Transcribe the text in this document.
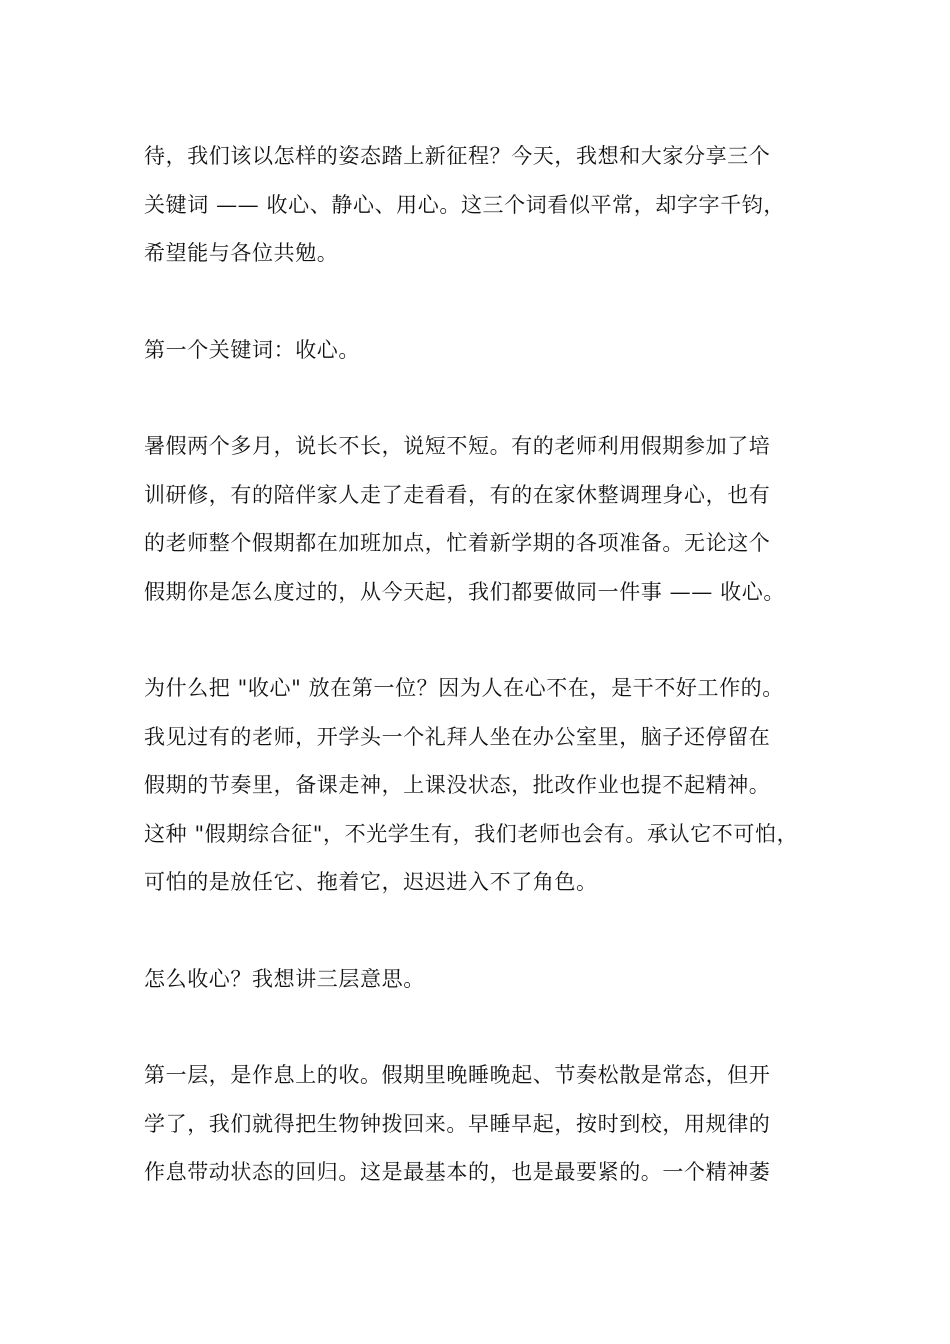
待，我们该以怎样的姿态踏上新征程？今天，我想和大家分享三个
关键词 —— 收心、静心、用心。这三个词看似平常，却字字千钧，
希望能与各位共勉。

第一个关键词：收心。

暑假两个多月，说长不长，说短不短。有的老师利用假期参加了培
训研修，有的陪伴家人走了走看看，有的在家休整调理身心，也有
的老师整个假期都在加班加点，忙着新学期的各项准备。无论这个
假期你是怎么度过的，从今天起，我们都要做同一件事 —— 收心。

为什么把 "收心" 放在第一位？因为人在心不在，是干不好工作的。
我见过有的老师，开学头一个礼拜人坐在办公室里，脑子还停留在
假期的节奏里，备课走神，上课没状态，批改作业也提不起精神。
这种 "假期综合征"，不光学生有，我们老师也会有。承认它不可怕，
可怕的是放任它、拖着它，迟迟进入不了角色。

怎么收心？我想讲三层意思。

第一层，是作息上的收。假期里晚睡晚起、节奏松散是常态，但开
学了，我们就得把生物钟拨回来。早睡早起，按时到校，用规律的
作息带动状态的回归。这是最基本的，也是最要紧的。一个精神萎
